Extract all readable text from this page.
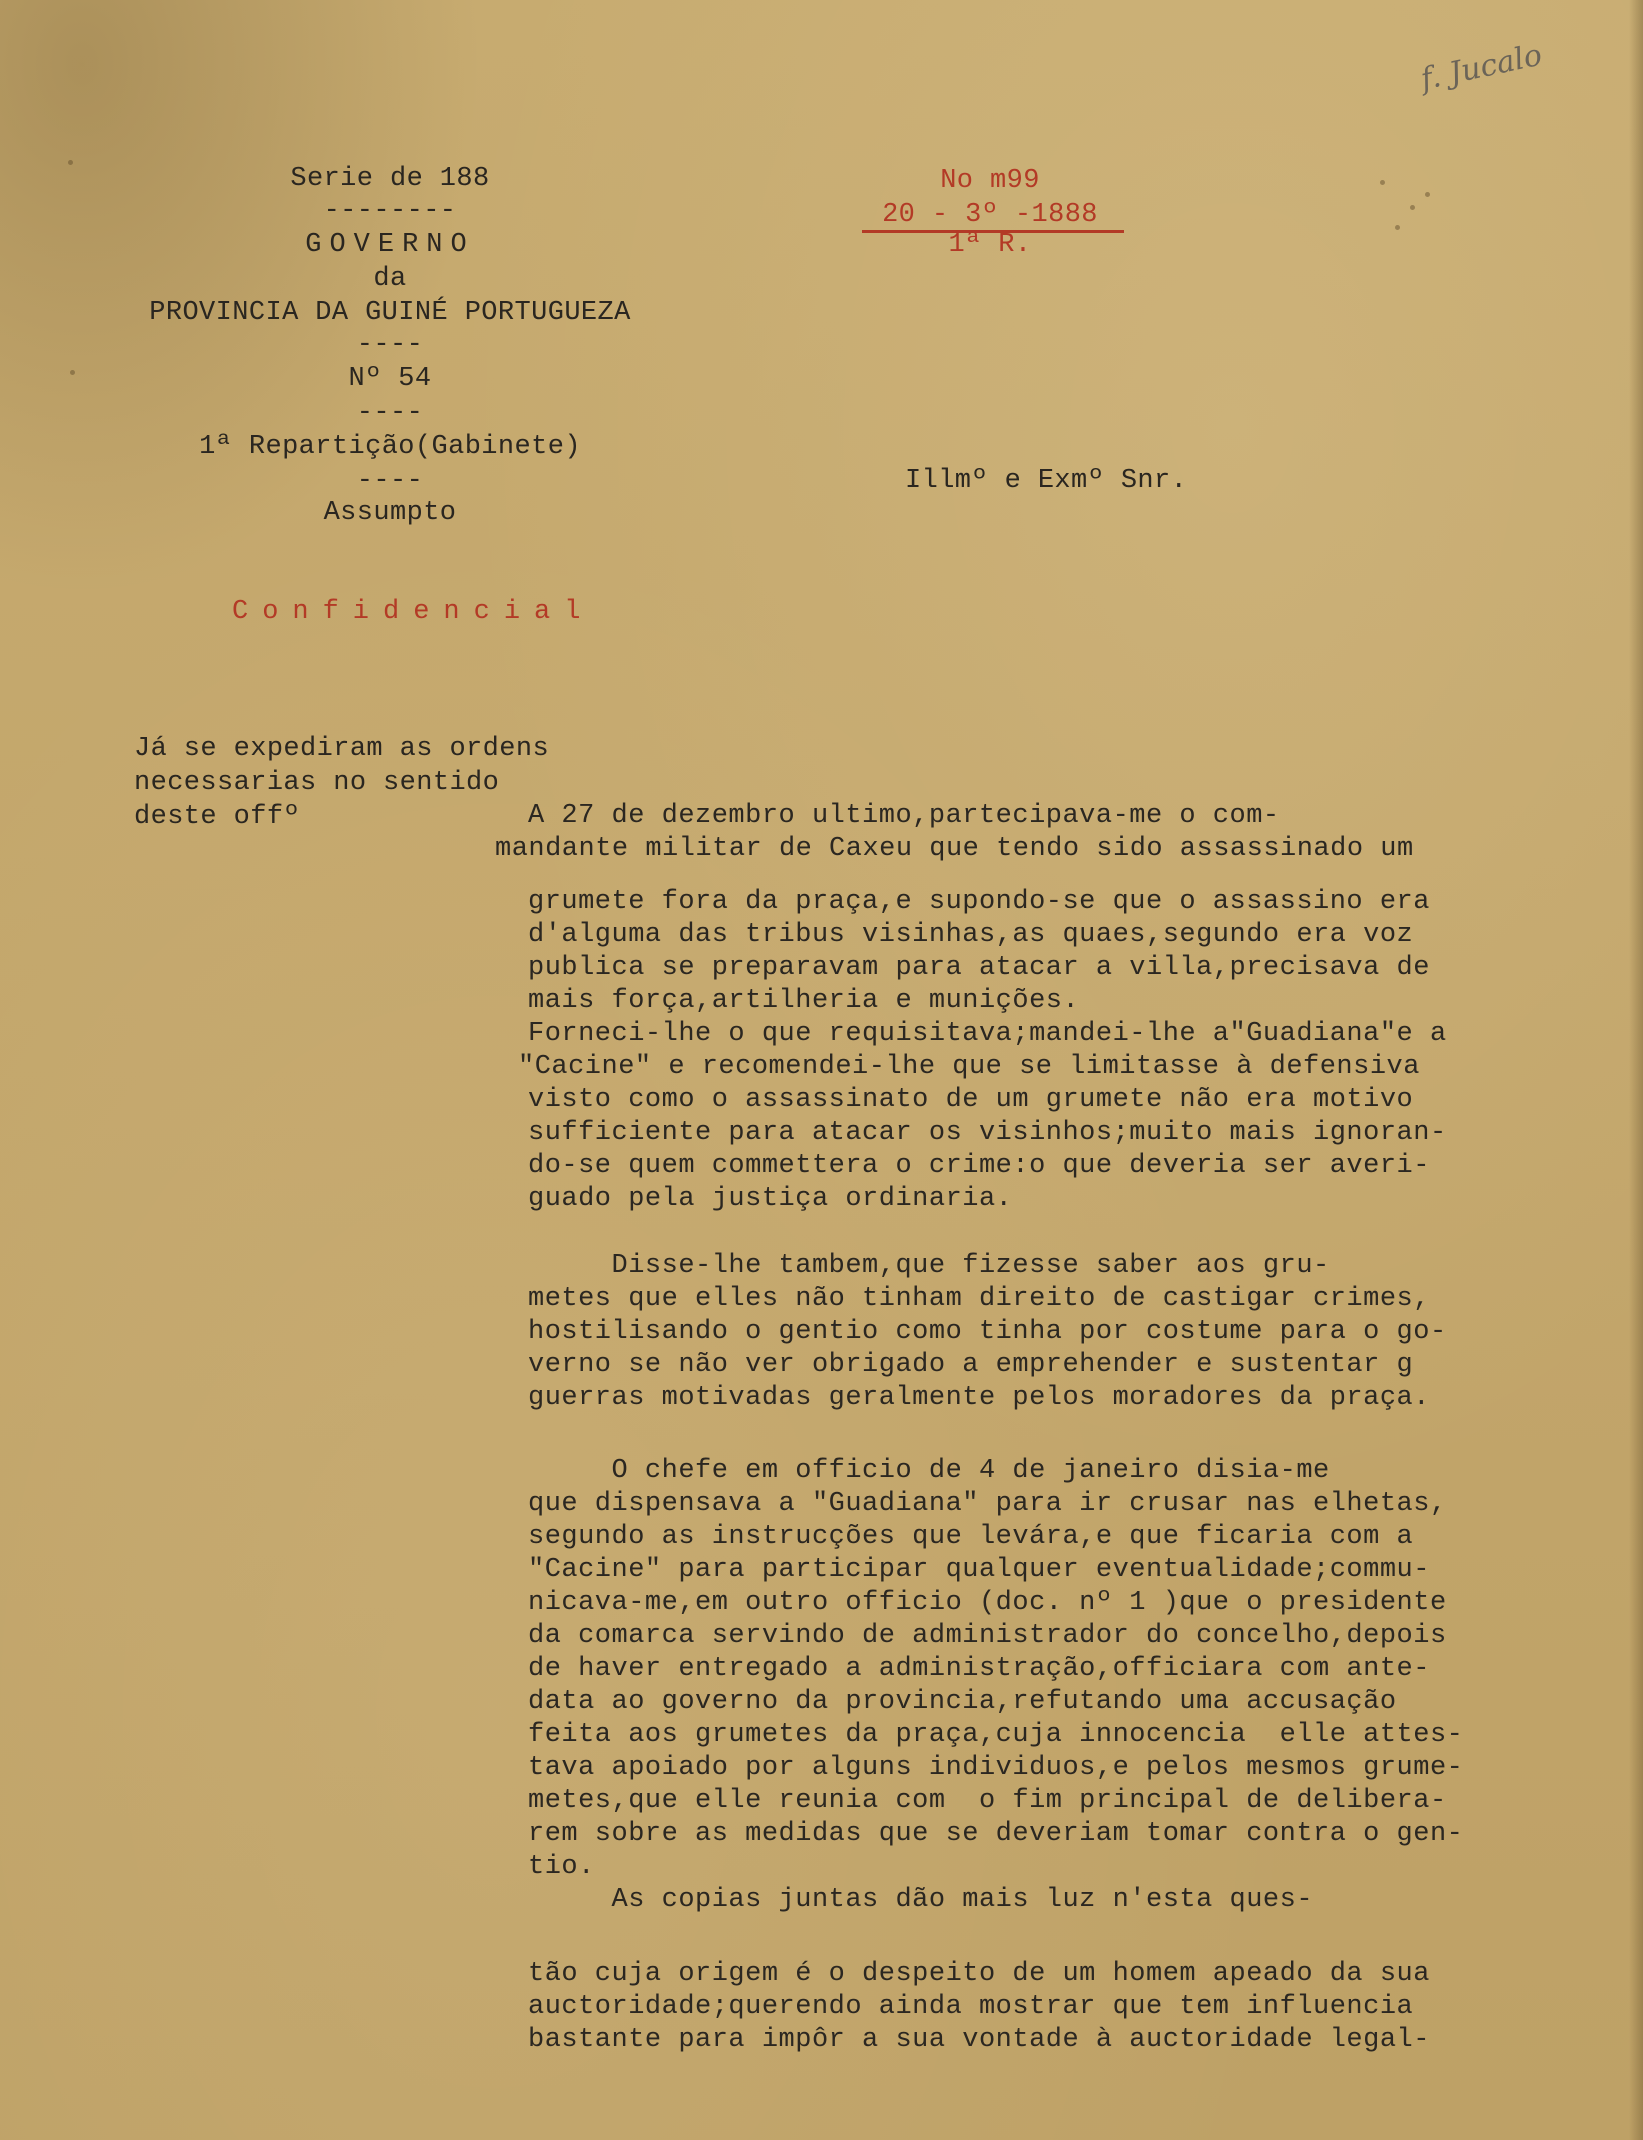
f. Jucalo
Serie de 188
--------
GOVERNO
da
PROVINCIA DA GUINÉ PORTUGUEZA
----
Nº 54
----
1ª Repartição(Gabinete)
----
Assumpto
Confidencial
No m99
20 - 3º -1888
1ª R.
Illmº e Exmº Snr.
Já se expediram as ordens
necessarias no sentido
deste offº	A 27 de dezembro ultimo,partecipava-me o com-
mandante militar de Caxeu que tendo sido assassinado um
grumete fora da praça,e supondo-se que o assassino era
d'alguma das tribus visinhas,as quaes,segundo era voz
publica se preparavam para atacar a villa,precisava de
mais força,artilheria e munições.
Forneci-lhe o que requisitava;mandei-lhe a"Guadiana"e a
"Cacine" e recomendei-lhe que se limitasse à defensiva
visto como o assassinato de um grumete não era motivo
sufficiente para atacar os visinhos;muito mais ignoran-
do-se quem commettera o crime:o que deveria ser averi-
guado pela justiça ordinaria.
Disse-lhe tambem,que fizesse saber aos gru-
metes que elles não tinham direito de castigar crimes,
hostilisando o gentio como tinha por costume para o go-
verno se não ver obrigado a emprehender e sustentar g
guerras motivadas geralmente pelos moradores da praça.
O chefe em officio de 4 de janeiro disia-me
que dispensava a "Guadiana" para ir crusar nas elhetas,
segundo as instrucções que levára,e que ficaria com a
"Cacine" para participar qualquer eventualidade;commu-
nicava-me,em outro officio (doc. nº 1 )que o presidente
da comarca servindo de administrador do concelho,depois
de haver entregado a administração,officiara com ante-
data ao governo da provincia,refutando uma accusação
feita aos grumetes da praça,cuja innocencia  elle attes-
tava apoiado por alguns individuos,e pelos mesmos grume-
metes,que elle reunia com  o fim principal de delibera-
rem sobre as medidas que se deveriam tomar contra o gen-
tio.
As copias juntas dão mais luz n'esta ques-
tão cuja origem é o despeito de um homem apeado da sua
auctoridade;querendo ainda mostrar que tem influencia
bastante para impôr a sua vontade à auctoridade legal-
